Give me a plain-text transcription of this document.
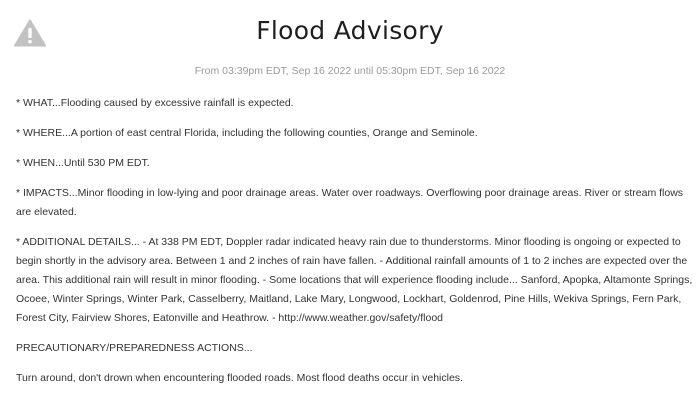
Flood Advisory
From 03:39pm EDT, Sep 16 2022 until 05:30pm EDT, Sep 16 2022

* WHAT...Flooding caused by excessive rainfall is expected.

* WHERE...A portion of east central Florida, including the following counties, Orange and Seminole.

* WHEN...Until 530 PM EDT.

* IMPACTS...Minor flooding in low-lying and poor drainage areas. Water over roadways. Overflowing poor drainage areas. River or stream flows are elevated.

* ADDITIONAL DETAILS... - At 338 PM EDT, Doppler radar indicated heavy rain due to thunderstorms. Minor flooding is ongoing or expected to begin shortly in the advisory area. Between 1 and 2 inches of rain have fallen. - Additional rainfall amounts of 1 to 2 inches are expected over the area. This additional rain will result in minor flooding. - Some locations that will experience flooding include... Sanford, Apopka, Altamonte Springs, Ocoee, Winter Springs, Winter Park, Casselberry, Maitland, Lake Mary, Longwood, Lockhart, Goldenrod, Pine Hills, Wekiva Springs, Fern Park, Forest City, Fairview Shores, Eatonville and Heathrow. - http://www.weather.gov/safety/flood

PRECAUTIONARY/PREPAREDNESS ACTIONS...

Turn around, don't drown when encountering flooded roads. Most flood deaths occur in vehicles.
